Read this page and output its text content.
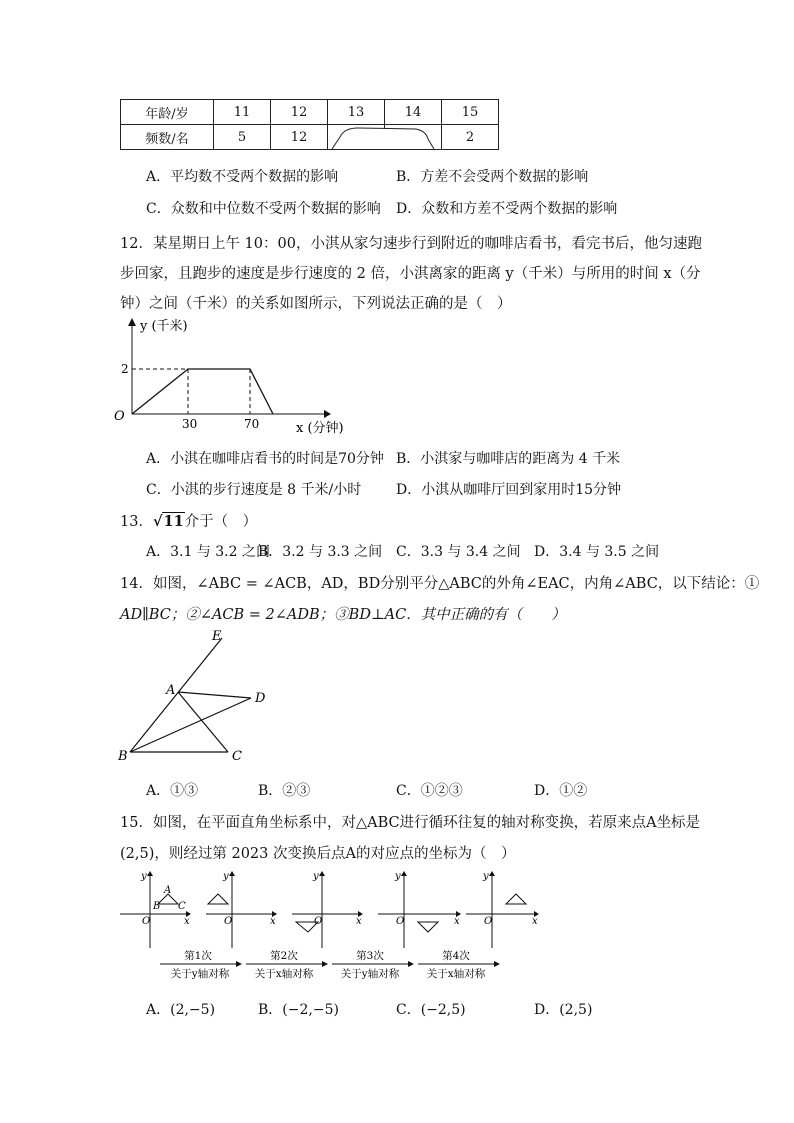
年龄/岁	11	12	13	14	15
频数/名	5	12			2
A．平均数不受两个数据的影响	B．方差不会受两个数据的影响
C．众数和中位数不受两个数据的影响 D．众数和方差不受两个数据的影响
12．某星期日上午 10：00，小淇从家匀速步行到附近的咖啡店看书，看完书后，他匀速跑
步回家，且跑步的速度是步行速度的 2 倍，小淇离家的距离 y（千米）与所用的时间 x（分
钟）之间（千米）的关系如图所示，下列说法正确的是（　）
y (千米)
O
2
30	70	x (分钟)
A．小淇在咖啡店看书的时间是70分钟 B．小淇家与咖啡店的距离为 4 千米
C．小淇的步行速度是 8 千米/小时 D．小淇从咖啡厅回到家用时15分钟
13．√11介于（　）
A．3.1 与 3.2 之间
B．3.2 与 3.3 之间 C．3.3 与 3.4 之间 D．3.4 与 3.5 之间
14．如图，∠ABC = ∠ACB，AD，BD分别平分△ABC的外角∠EAC，内角∠ABC，以下结论：①
AD∥BC；②∠ACB = 2∠ADB；③BD⊥AC．其中正确的有（　　）
E
A
D
B	C
A．①③	B．②③	C．①②③	D．①②
15．如图，在平面直角坐标系中，对△ABC进行循环往复的轴对称变换，若原来点A坐标是
(2,5)，则经过第 2023 次变换后点A的对应点的坐标为（　）
y
x
O
A
B C
y
x
O
y
x
O
y
x
O
y
x
O
第1次
关于y轴对称
第2次
关于x轴对称
第3次
关于y轴对称
第4次
关于x轴对称
A．(2,−5)	B．(−2,−5)	C．(−2,5)	D．(2,5)
